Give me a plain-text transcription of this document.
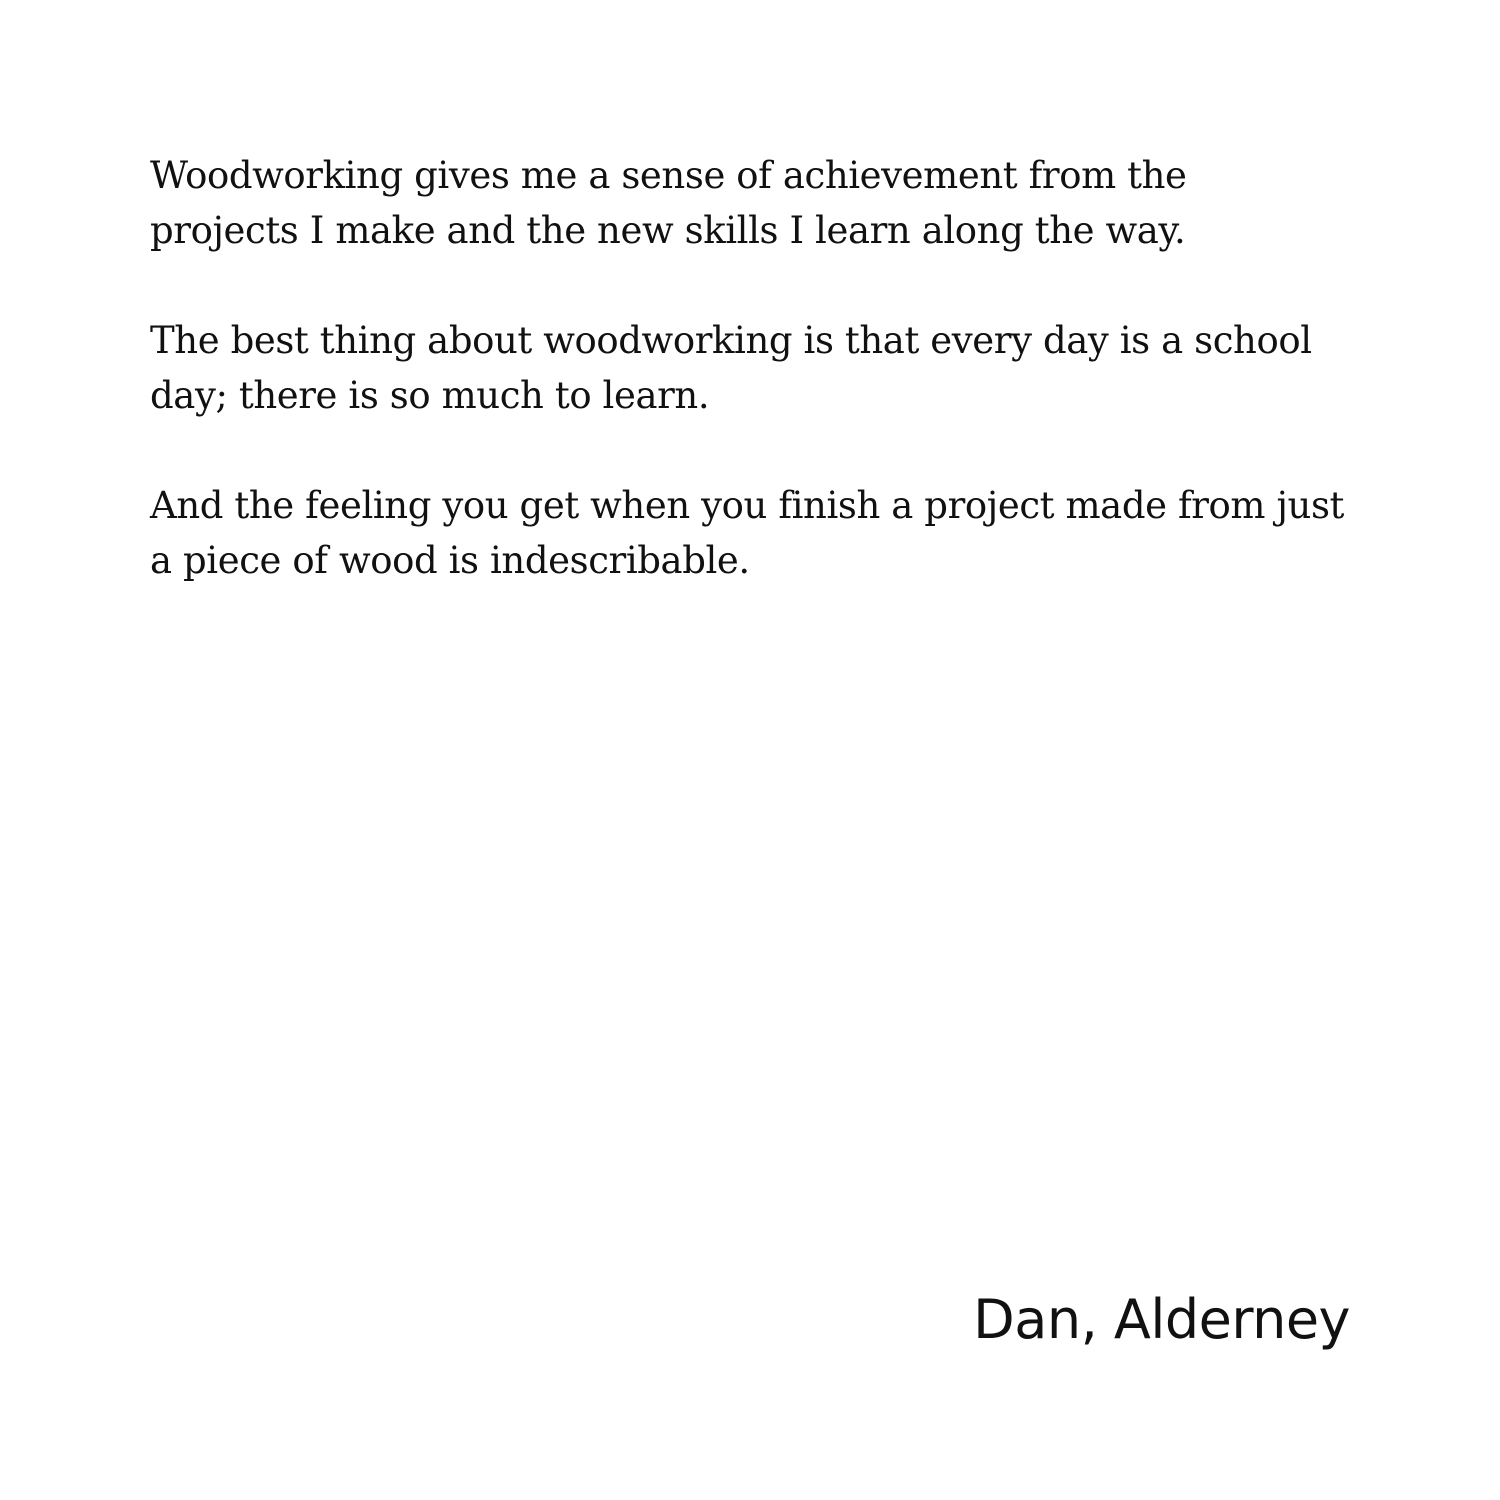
Woodworking gives me a sense of achievement from the
projects I make and the new skills I learn along the way.

The best thing about woodworking is that every day is a school
day; there is so much to learn.

And the feeling you get when you finish a project made from just
a piece of wood is indescribable.

Dan, Alderney
